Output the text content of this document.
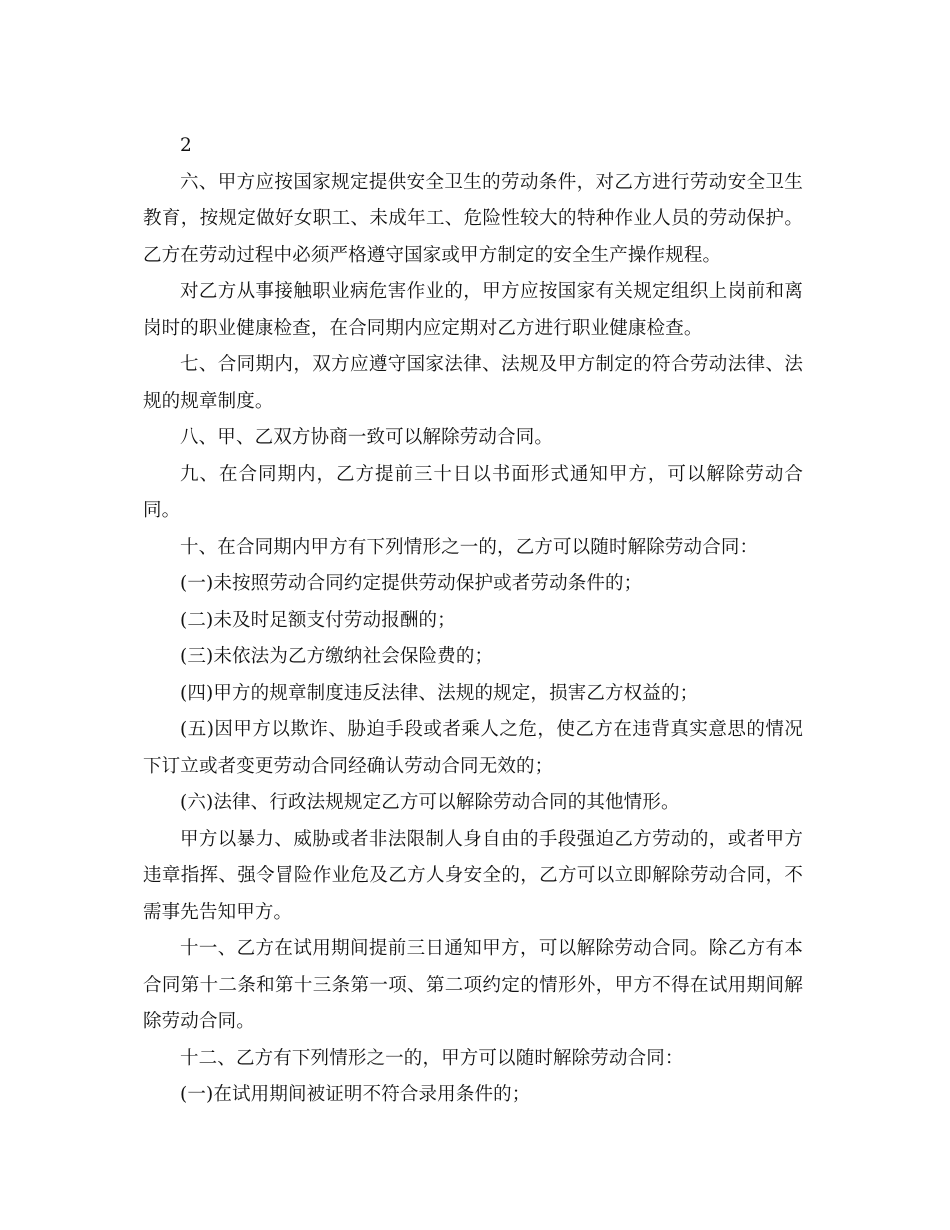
2

六、甲方应按国家规定提供安全卫生的劳动条件，对乙方进行劳动安全卫生教育，按规定做好女职工、未成年工、危险性较大的特种作业人员的劳动保护。乙方在劳动过程中必须严格遵守国家或甲方制定的安全生产操作规程。

对乙方从事接触职业病危害作业的，甲方应按国家有关规定组织上岗前和离岗时的职业健康检查，在合同期内应定期对乙方进行职业健康检查。

七、合同期内，双方应遵守国家法律、法规及甲方制定的符合劳动法律、法规的规章制度。

八、甲、乙双方协商一致可以解除劳动合同。

九、在合同期内，乙方提前三十日以书面形式通知甲方，可以解除劳动合同。

十、在合同期内甲方有下列情形之一的，乙方可以随时解除劳动合同：

(一)未按照劳动合同约定提供劳动保护或者劳动条件的；

(二)未及时足额支付劳动报酬的；

(三)未依法为乙方缴纳社会保险费的；

(四)甲方的规章制度违反法律、法规的规定，损害乙方权益的；

(五)因甲方以欺诈、胁迫手段或者乘人之危，使乙方在违背真实意思的情况下订立或者变更劳动合同经确认劳动合同无效的；

(六)法律、行政法规规定乙方可以解除劳动合同的其他情形。

甲方以暴力、威胁或者非法限制人身自由的手段强迫乙方劳动的，或者甲方违章指挥、强令冒险作业危及乙方人身安全的，乙方可以立即解除劳动合同，不需事先告知甲方。

十一、乙方在试用期间提前三日通知甲方，可以解除劳动合同。除乙方有本合同第十二条和第十三条第一项、第二项约定的情形外，甲方不得在试用期间解除劳动合同。

十二、乙方有下列情形之一的，甲方可以随时解除劳动合同：

(一)在试用期间被证明不符合录用条件的；
